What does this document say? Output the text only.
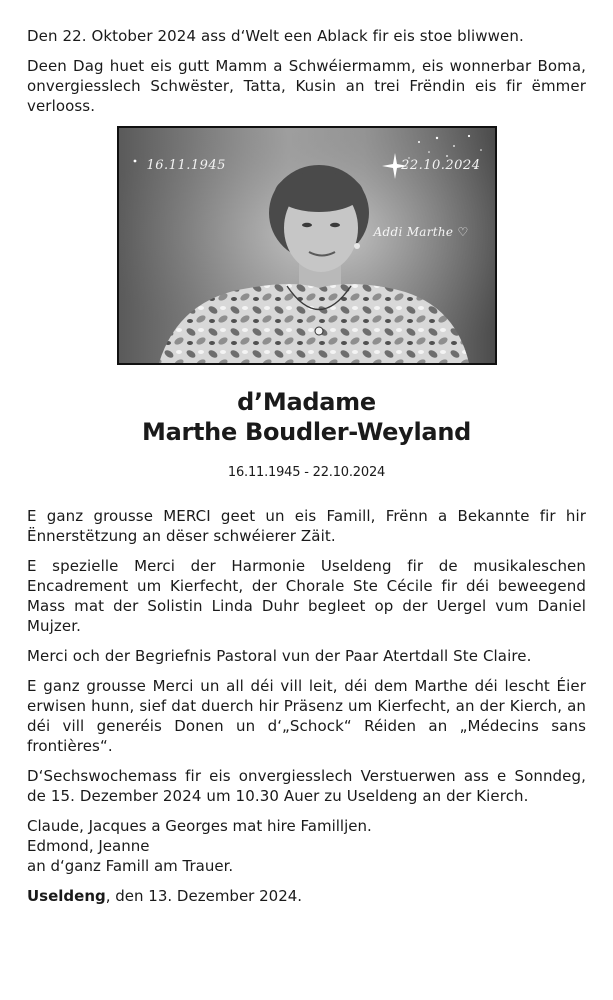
Den 22. Oktober 2024 ass d‘Welt een Ablack fir eis stoe bliwwen.

Deen Dag huet eis gutt Mamm a Schwéiermamm, eis wonnerbar Boma, onvergiesslech Schwëster, Tatta, Kusin an trei Frëndin eis fir ëmmer verlooss.

16.11.1945	22.10.2024
Addi Marthe ♡
d’Madame
Marthe Boudler-Weyland
16.11.1945 - 22.10.2024

E ganz grousse MERCI geet un eis Famill, Frënn a Bekannte fir hir Ënnerstëtzung an dëser schwéierer Zäit.

E spezielle Merci der Harmonie Useldeng fir de musikaleschen Encadrement um Kierfecht, der Chorale Ste Cécile fir déi beweegend Mass mat der Solistin Linda Duhr begleet op der Uergel vum Daniel Mujzer.

Merci och der Begriefnis Pastoral vun der Paar Atertdall Ste Claire.

E ganz grousse Merci un all déi vill leit, déi dem Marthe déi lescht Éier erwisen hunn, sief dat duerch hir Präsenz um Kierfecht, an der Kierch, an déi vill generéis Donen un d‘„Schock“ Réiden an „Médecins sans frontières“.

D‘Sechswochemass fir eis onvergiesslech Verstuerwen ass e Sonndeg, de 15. Dezember 2024 um 10.30 Auer zu Useldeng an der Kierch.

Claude, Jacques a Georges mat hire Familljen.
Edmond, Jeanne
an d‘ganz Famill am Trauer.
Useldeng, den 13. Dezember 2024.
